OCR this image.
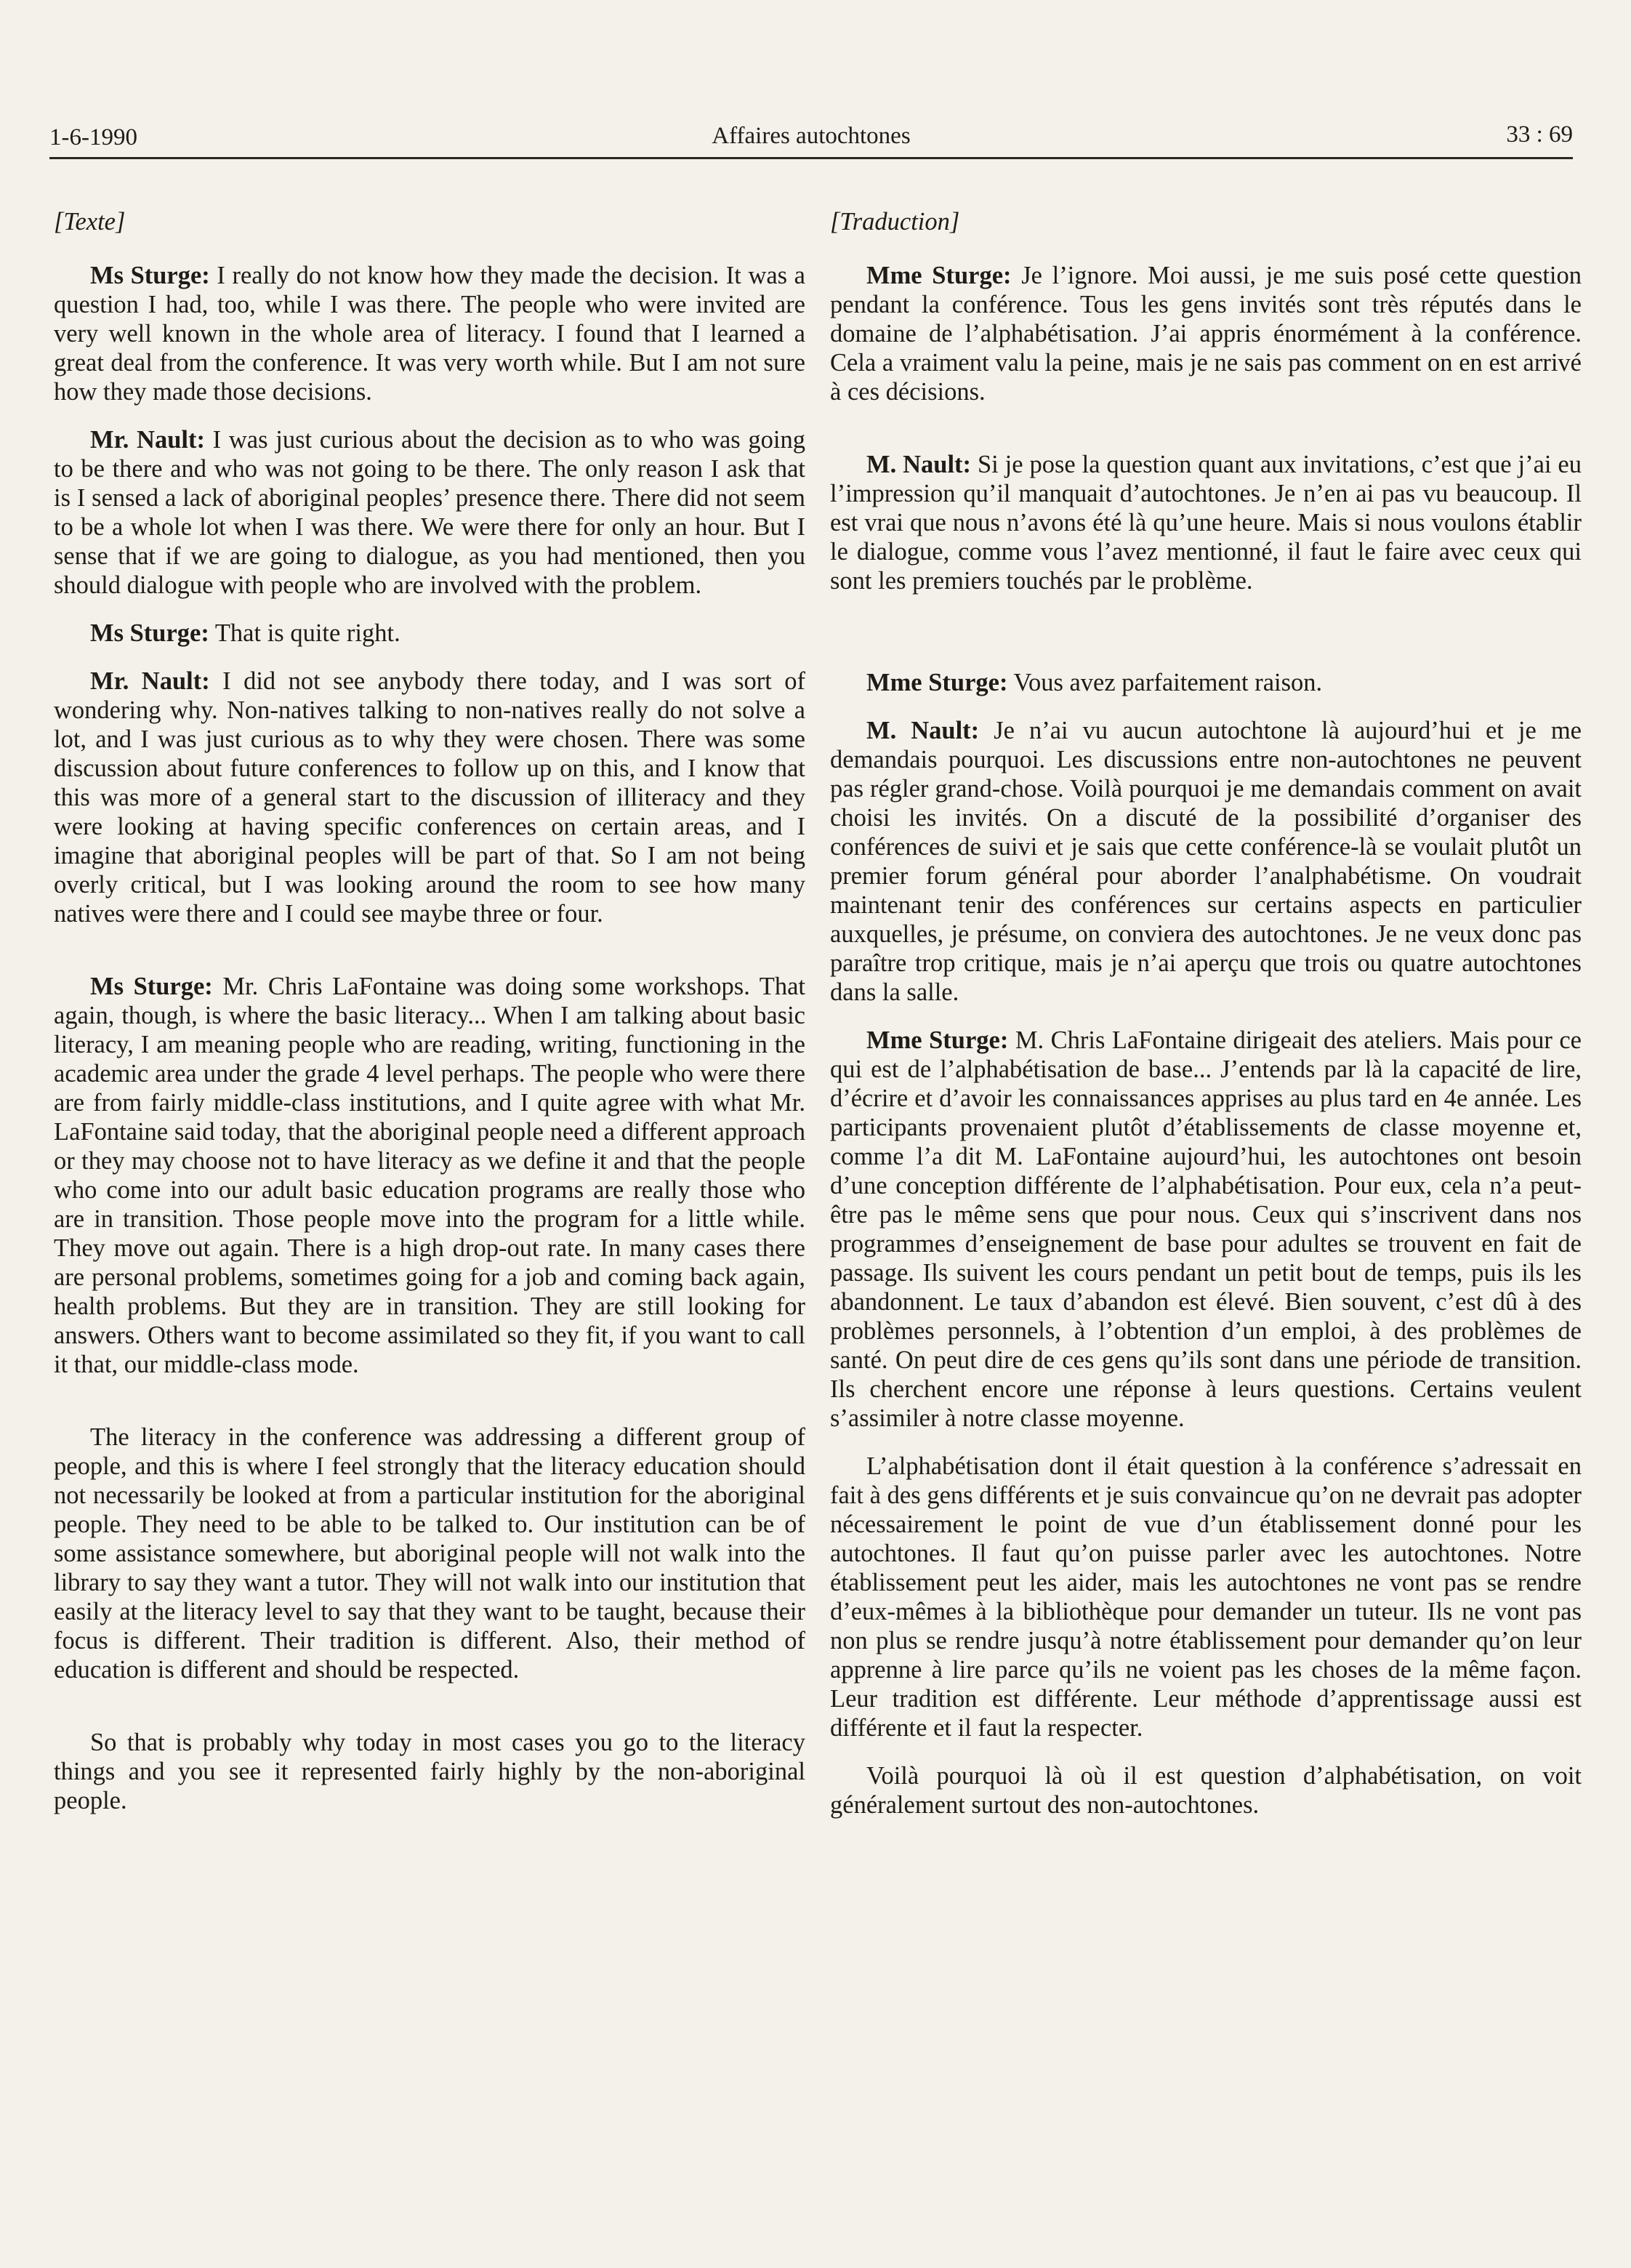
1-6-1990	Affaires autochtones	33 : 69
[Texte]

Ms Sturge: I really do not know how they made the decision. It was a question I had, too, while I was there. The people who were invited are very well known in the whole area of literacy. I found that I learned a great deal from the conference. It was very worth while. But I am not sure how they made those decisions.

Mr. Nault: I was just curious about the decision as to who was going to be there and who was not going to be there. The only reason I ask that is I sensed a lack of aboriginal peoples’ presence there. There did not seem to be a whole lot when I was there. We were there for only an hour. But I sense that if we are going to dialogue, as you had mentioned, then you should dialogue with people who are involved with the problem.

Ms Sturge: That is quite right.

Mr. Nault: I did not see anybody there today, and I was sort of wondering why. Non-natives talking to non-natives really do not solve a lot, and I was just curious as to why they were chosen. There was some discussion about future conferences to follow up on this, and I know that this was more of a general start to the discussion of illiteracy and they were looking at having specific conferences on certain areas, and I imagine that aboriginal peoples will be part of that. So I am not being overly critical, but I was looking around the room to see how many natives were there and I could see maybe three or four.

Ms Sturge: Mr. Chris LaFontaine was doing some workshops. That again, though, is where the basic literacy... When I am talking about basic literacy, I am meaning people who are reading, writing, functioning in the academic area under the grade 4 level perhaps. The people who were there are from fairly middle-class institutions, and I quite agree with what Mr. LaFontaine said today, that the aboriginal people need a different approach or they may choose not to have literacy as we define it and that the people who come into our adult basic education programs are really those who are in transition. Those people move into the program for a little while. They move out again. There is a high drop-out rate. In many cases there are personal problems, sometimes going for a job and coming back again, health problems. But they are in transition. They are still looking for answers. Others want to become assimilated so they fit, if you want to call it that, our middle-class mode.

The literacy in the conference was addressing a different group of people, and this is where I feel strongly that the literacy education should not necessarily be looked at from a particular institution for the aboriginal people. They need to be able to be talked to. Our institution can be of some assistance somewhere, but aboriginal people will not walk into the library to say they want a tutor. They will not walk into our institution that easily at the literacy level to say that they want to be taught, because their focus is different. Their tradition is different. Also, their method of education is different and should be respected.

So that is probably why today in most cases you go to the literacy things and you see it represented fairly highly by the non-aboriginal people.

[Traduction]

Mme Sturge: Je l’ignore. Moi aussi, je me suis posé cette question pendant la conférence. Tous les gens invités sont très réputés dans le domaine de l’alphabétisation. J’ai appris énormément à la conférence. Cela a vraiment valu la peine, mais je ne sais pas comment on en est arrivé à ces décisions.

M. Nault: Si je pose la question quant aux invitations, c’est que j’ai eu l’impression qu’il manquait d’autochtones. Je n’en ai pas vu beaucoup. Il est vrai que nous n’avons été là qu’une heure. Mais si nous voulons établir le dialogue, comme vous l’avez mentionné, il faut le faire avec ceux qui sont les premiers touchés par le problème.

Mme Sturge: Vous avez parfaitement raison.

M. Nault: Je n’ai vu aucun autochtone là aujourd’hui et je me demandais pourquoi. Les discussions entre non-autochtones ne peuvent pas régler grand-chose. Voilà pourquoi je me demandais comment on avait choisi les invités. On a discuté de la possibilité d’organiser des conférences de suivi et je sais que cette conférence-là se voulait plutôt un premier forum général pour aborder l’analphabétisme. On voudrait maintenant tenir des conférences sur certains aspects en particulier auxquelles, je présume, on conviera des autochtones. Je ne veux donc pas paraître trop critique, mais je n’ai aperçu que trois ou quatre autochtones dans la salle.

Mme Sturge: M. Chris LaFontaine dirigeait des ateliers. Mais pour ce qui est de l’alphabétisation de base... J’entends par là la capacité de lire, d’écrire et d’avoir les connaissances apprises au plus tard en 4e année. Les participants provenaient plutôt d’établissements de classe moyenne et, comme l’a dit M. LaFontaine aujourd’hui, les autochtones ont besoin d’une conception différente de l’alphabétisation. Pour eux, cela n’a peut-être pas le même sens que pour nous. Ceux qui s’inscrivent dans nos programmes d’enseignement de base pour adultes se trouvent en fait de passage. Ils suivent les cours pendant un petit bout de temps, puis ils les abandonnent. Le taux d’abandon est élevé. Bien souvent, c’est dû à des problèmes personnels, à l’obtention d’un emploi, à des problèmes de santé. On peut dire de ces gens qu’ils sont dans une période de transition. Ils cherchent encore une réponse à leurs questions. Certains veulent s’assimiler à notre classe moyenne.

L’alphabétisation dont il était question à la conférence s’adressait en fait à des gens différents et je suis convaincue qu’on ne devrait pas adopter nécessairement le point de vue d’un établissement donné pour les autochtones. Il faut qu’on puisse parler avec les autochtones. Notre établissement peut les aider, mais les autochtones ne vont pas se rendre d’eux-mêmes à la bibliothèque pour demander un tuteur. Ils ne vont pas non plus se rendre jusqu’à notre établissement pour demander qu’on leur apprenne à lire parce qu’ils ne voient pas les choses de la même façon. Leur tradition est différente. Leur méthode d’apprentissage aussi est différente et il faut la respecter.

Voilà pourquoi là où il est question d’alphabétisation, on voit généralement surtout des non-autochtones.
